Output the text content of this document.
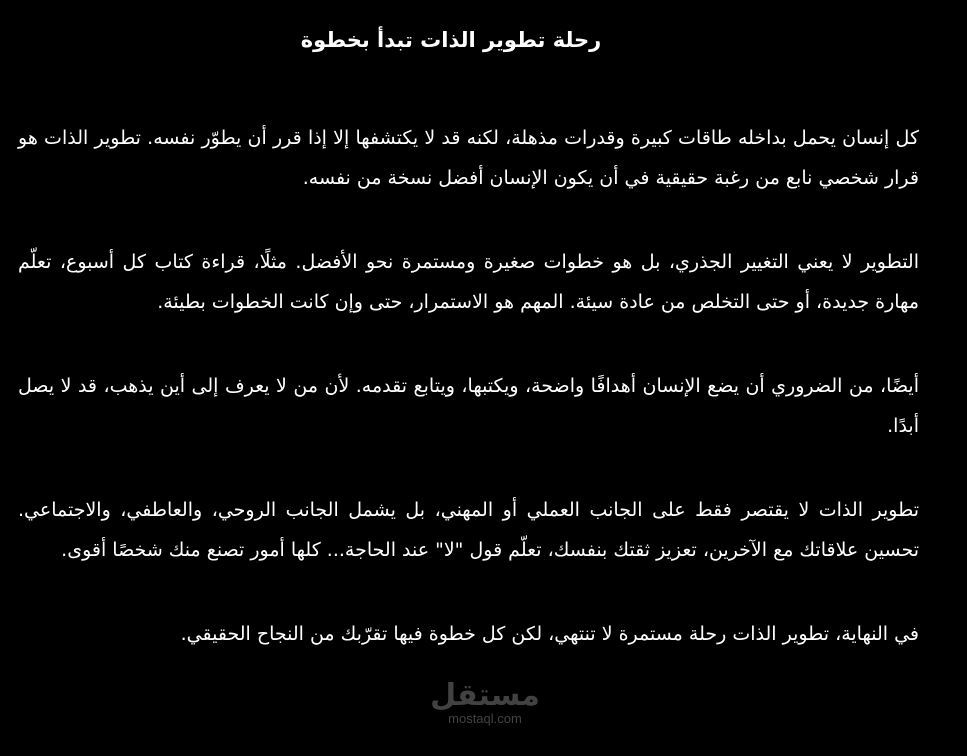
رحلة تطوير الذات تبدأ بخطوة

كل إنسان يحمل بداخله طاقات كبيرة وقدرات مذهلة، لكنه قد لا يكتشفها إلا إذا قرر أن يطوّر نفسه. تطوير الذات هو قرار شخصي نابع من رغبة حقيقية في أن يكون الإنسان أفضل نسخة من نفسه.

التطوير لا يعني التغيير الجذري، بل هو خطوات صغيرة ومستمرة نحو الأفضل. مثلًا، قراءة كتاب كل أسبوع، تعلّم مهارة جديدة، أو حتى التخلص من عادة سيئة. المهم هو الاستمرار، حتى وإن كانت الخطوات بطيئة.

أيضًا، من الضروري أن يضع الإنسان أهدافًا واضحة، ويكتبها، ويتابع تقدمه. لأن من لا يعرف إلى أين يذهب، قد لا يصل أبدًا.

تطوير الذات لا يقتصر فقط على الجانب العملي أو المهني، بل يشمل الجانب الروحي، والعاطفي، والاجتماعي. تحسين علاقاتك مع الآخرين، تعزيز ثقتك بنفسك، تعلّم قول "لا" عند الحاجة... كلها أمور تصنع منك شخصًا أقوى.

في النهاية، تطوير الذات رحلة مستمرة لا تنتهي، لكن كل خطوة فيها تقرّبك من النجاح الحقيقي.

مستقل
mostaql.com
